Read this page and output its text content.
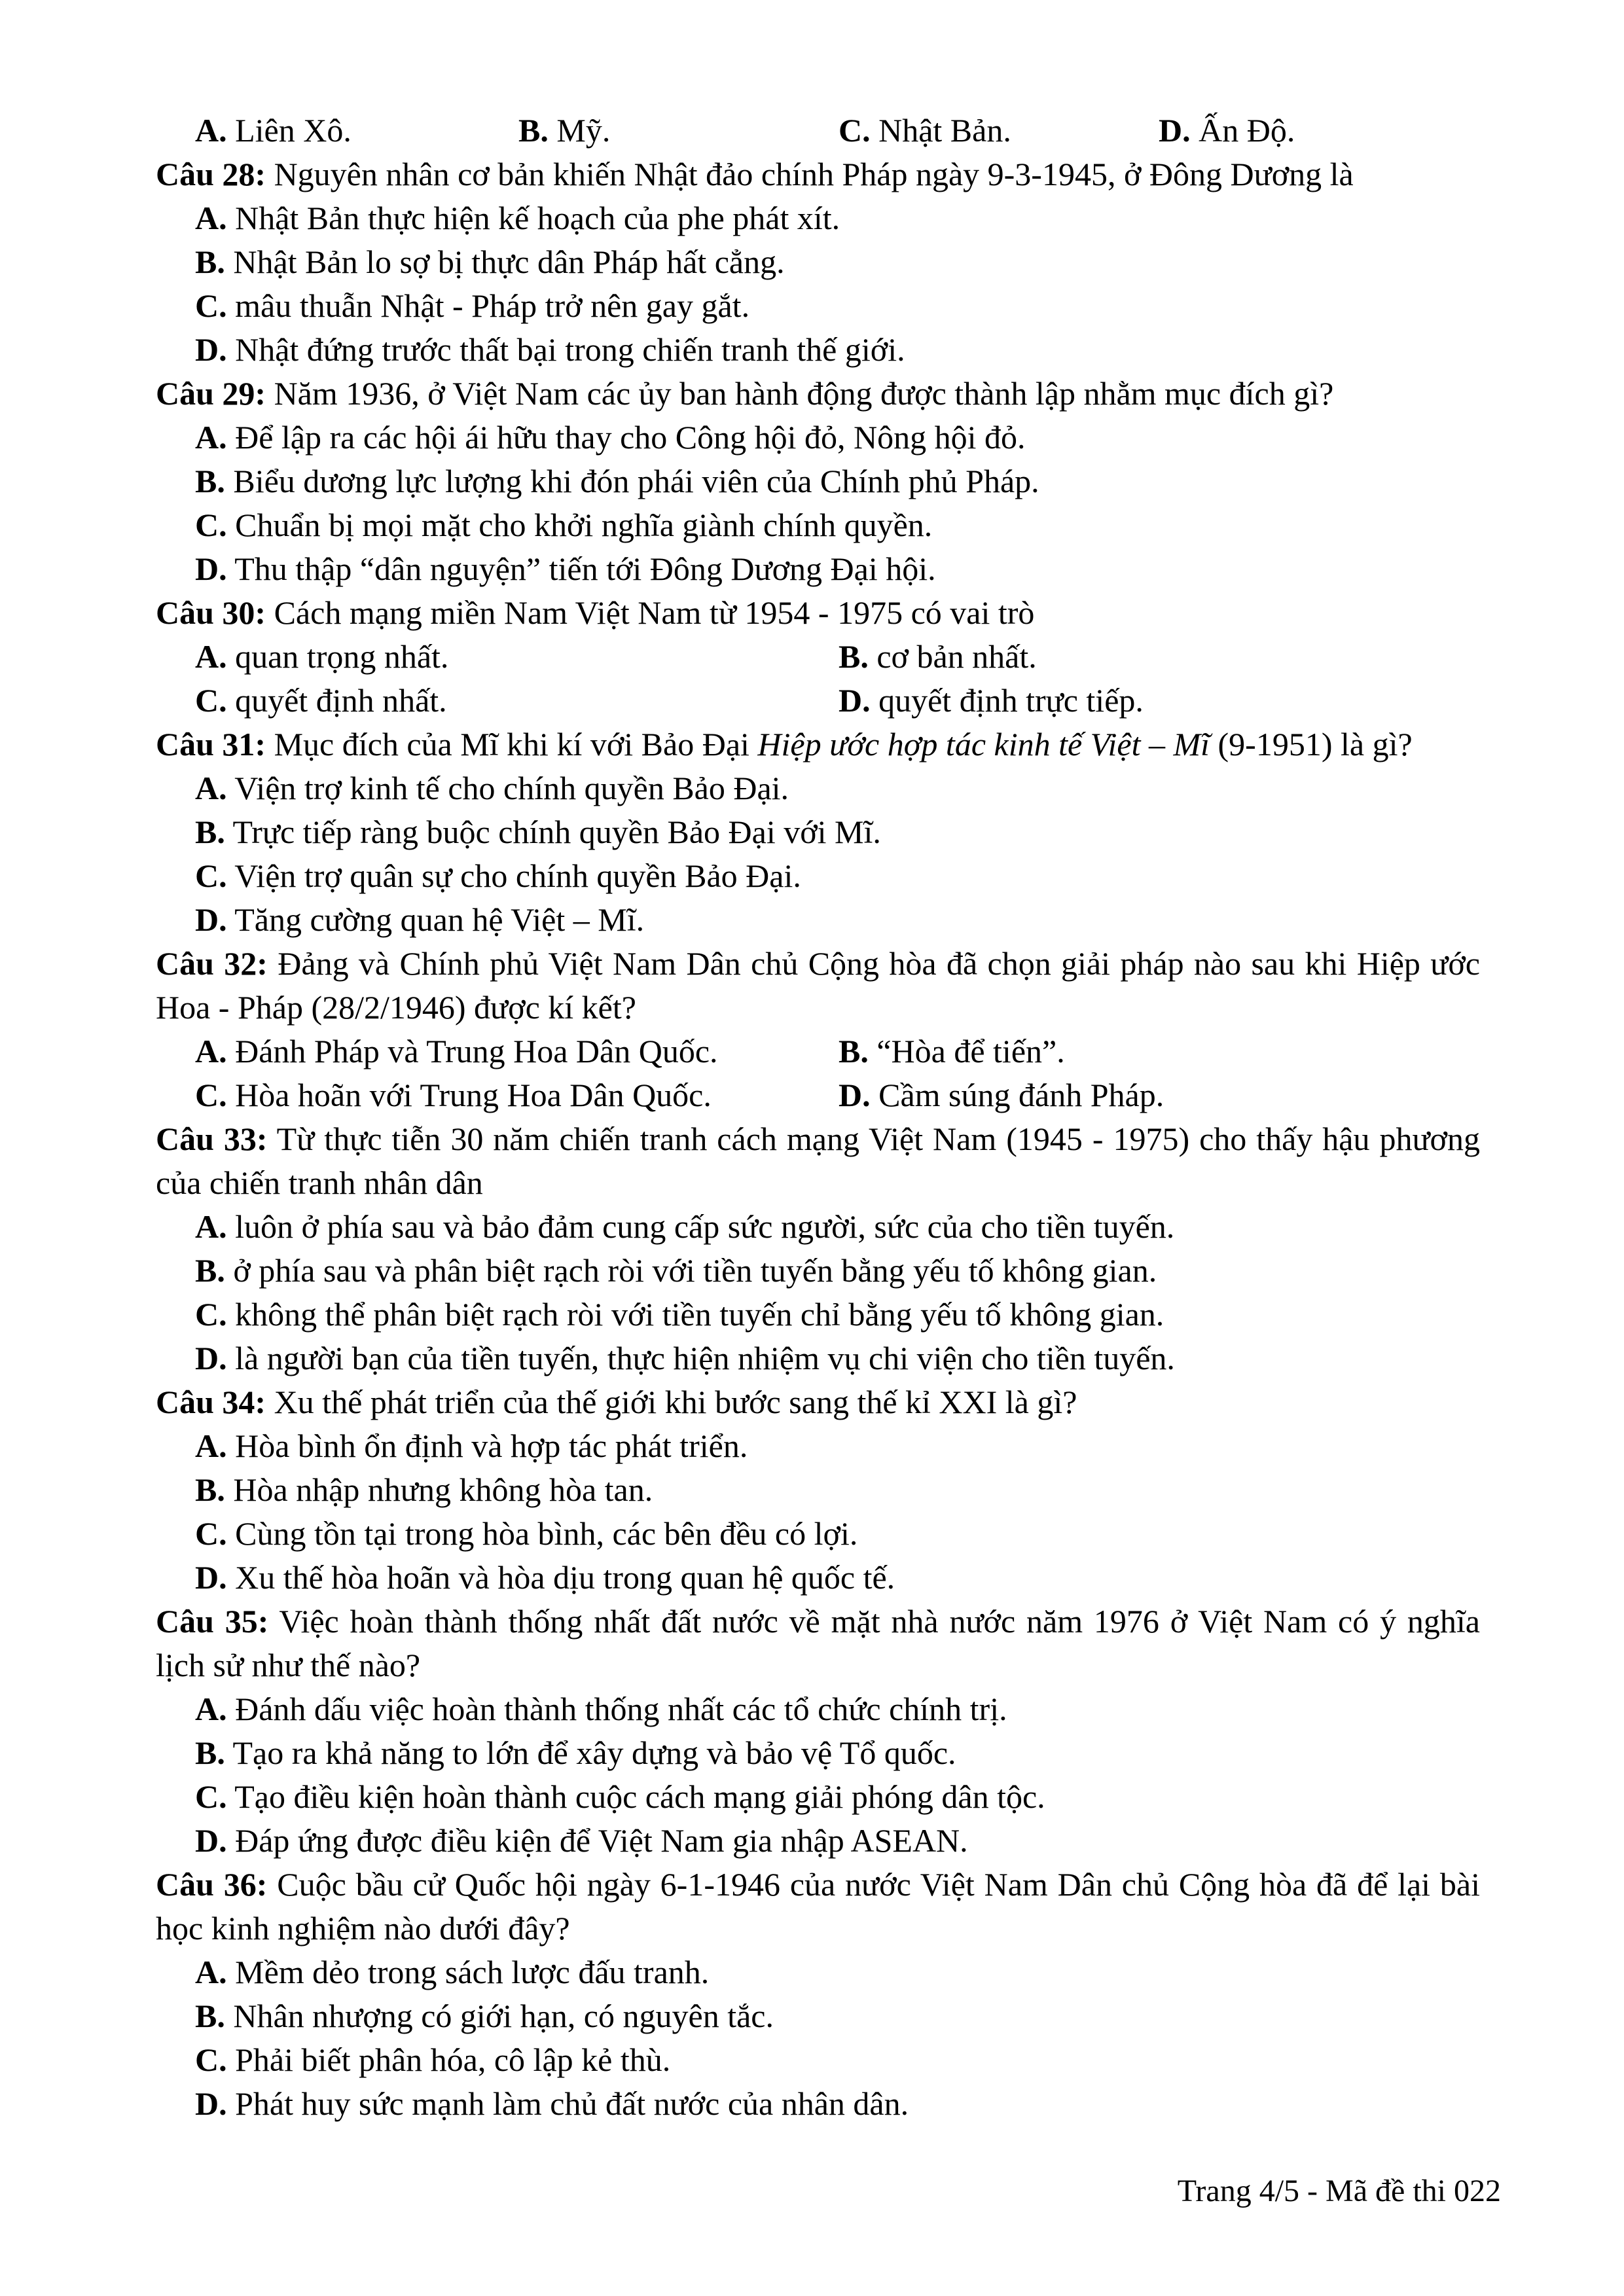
A. Liên Xô.	B. Mỹ.	C. Nhật Bản.	D. Ấn Độ.
Câu 28: Nguyên nhân cơ bản khiến Nhật đảo chính Pháp ngày 9-3-1945, ở Đông Dương là
A. Nhật Bản thực hiện kế hoạch của phe phát xít.
B. Nhật Bản lo sợ bị thực dân Pháp hất cẳng.
C. mâu thuẫn Nhật - Pháp trở nên gay gắt.
D. Nhật đứng trước thất bại trong chiến tranh thế giới.
Câu 29: Năm 1936, ở Việt Nam các ủy ban hành động được thành lập nhằm mục đích gì?
A. Để lập ra các hội ái hữu thay cho Công hội đỏ, Nông hội đỏ.
B. Biểu dương lực lượng khi đón phái viên của Chính phủ Pháp.
C. Chuẩn bị mọi mặt cho khởi nghĩa giành chính quyền.
D. Thu thập “dân nguyện” tiến tới Đông Dương Đại hội.
Câu 30: Cách mạng miền Nam Việt Nam từ 1954 - 1975 có vai trò
A. quan trọng nhất.	B. cơ bản nhất.
C. quyết định nhất.	D. quyết định trực tiếp.
Câu 31: Mục đích của Mĩ khi kí với Bảo Đại Hiệp ước hợp tác kinh tế Việt – Mĩ (9-1951) là gì?
A. Viện trợ kinh tế cho chính quyền Bảo Đại.
B. Trực tiếp ràng buộc chính quyền Bảo Đại với Mĩ.
C. Viện trợ quân sự cho chính quyền Bảo Đại.
D. Tăng cường quan hệ Việt – Mĩ.
Câu 32: Đảng và Chính phủ Việt Nam Dân chủ Cộng hòa đã chọn giải pháp nào sau khi Hiệp ước Hoa - Pháp (28/2/1946) được kí kết?
A. Đánh Pháp và Trung Hoa Dân Quốc.	B. “Hòa để tiến”.
C. Hòa hoãn với Trung Hoa Dân Quốc.	D. Cầm súng đánh Pháp.
Câu 33: Từ thực tiễn 30 năm chiến tranh cách mạng Việt Nam (1945 - 1975) cho thấy hậu phương của chiến tranh nhân dân
A. luôn ở phía sau và bảo đảm cung cấp sức người, sức của cho tiền tuyến.
B. ở phía sau và phân biệt rạch ròi với tiền tuyến bằng yếu tố không gian.
C. không thể phân biệt rạch ròi với tiền tuyến chỉ bằng yếu tố không gian.
D. là người bạn của tiền tuyến, thực hiện nhiệm vụ chi viện cho tiền tuyến.
Câu 34: Xu thế phát triển của thế giới khi bước sang thế kỉ XXI là gì?
A. Hòa bình ổn định và hợp tác phát triển.
B. Hòa nhập nhưng không hòa tan.
C. Cùng tồn tại trong hòa bình, các bên đều có lợi.
D. Xu thế hòa hoãn và hòa dịu trong quan hệ quốc tế.
Câu 35: Việc hoàn thành thống nhất đất nước về mặt nhà nước năm 1976 ở Việt Nam có ý nghĩa lịch sử như thế nào?
A. Đánh dấu việc hoàn thành thống nhất các tổ chức chính trị.
B. Tạo ra khả năng to lớn để xây dựng và bảo vệ Tổ quốc.
C. Tạo điều kiện hoàn thành cuộc cách mạng giải phóng dân tộc.
D. Đáp ứng được điều kiện để Việt Nam gia nhập ASEAN.
Câu 36: Cuộc bầu cử Quốc hội ngày 6-1-1946 của nước Việt Nam Dân chủ Cộng hòa đã để lại bài học kinh nghiệm nào dưới đây?
A. Mềm dẻo trong sách lược đấu tranh.
B. Nhân nhượng có giới hạn, có nguyên tắc.
C. Phải biết phân hóa, cô lập kẻ thù.
D. Phát huy sức mạnh làm chủ đất nước của nhân dân.
Trang 4/5 - Mã đề thi 022
